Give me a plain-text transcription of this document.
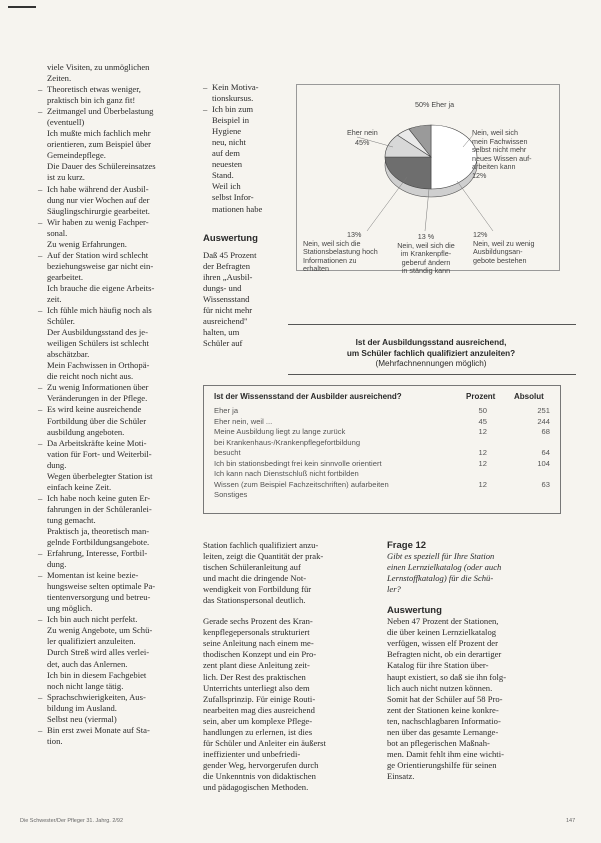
viele Visiten, zu unmöglichen

Zeiten.

– Theoretisch etwas weniger,

praktisch bin ich ganz fit!

– Zeitmangel und Überbelastung

(eventuell)

Ich mußte mich fachlich mehr

orientieren, zum Beispiel über

Gemeindepflege.

Die Dauer des Schülereinsatzes

ist zu kurz.

– Ich habe während der Ausbil-

dung nur vier Wochen auf der

Säuglingschirurgie gearbeitet.

– Wir haben zu wenig Fachper-

sonal.

Zu wenig Erfahrungen.

– Auf der Station wird schlecht

beziehungsweise gar nicht ein-

gearbeitet.

Ich brauche die eigene Arbeits-

zeit.

– Ich fühle mich häufig noch als

Schüler.

Der Ausbildungsstand des je-

weiligen Schülers ist schlecht

abschätzbar.

Mein Fachwissen in Orthopä-

die reicht noch nicht aus.

– Zu wenig Informationen über

Veränderungen in der Pflege.

– Es wird keine ausreichende

Fortbildung über die Schüler

ausbildung angeboten.

– Da Arbeitskräfte keine Moti-

vation für Fort- und Weiterbil-

dung.

Wegen überbelegter Station ist

einfach keine Zeit.

– Ich habe noch keine guten Er-

fahrungen in der Schüleranlei-

tung gemacht.

Praktisch ja, theoretisch man-

gelnde Fortbildungsangebote.

– Erfahrung, Interesse, Fortbil-

dung.

– Momentan ist keine bezie-

hungsweise selten optimale Pa-

tientenversorgung und betreu-

ung möglich.

– Ich bin auch nicht perfekt.

Zu wenig Angebote, um Schü-

ler qualifiziert anzuleiten.

Durch Streß wird alles verlei-

det, auch das Anlernen.

Ich bin in diesem Fachgebiet

noch nicht lange tätig.

– Sprachschwierigkeiten, Aus-

bildung im Ausland.

Selbst neu (viermal)

– Bin erst zwei Monate auf Sta-

tion.

– Kein Motiva-

tionskursus.

– Ich bin zum

Beispiel in

Hygiene

neu, nicht

auf dem

neuesten

Stand.

Weil ich

selbst Infor-

mationen habe

Auswertung
Daß 45 Prozent
der Befragten
ihren „Ausbil-
dungs- und
Wissensstand
für nicht mehr
ausreichend"
halten, um
Schüler auf
50% Eher ja
Eher nein
45%
Nein, weil sich
mein Fachwissen
selbst nicht mehr
neues Wissen auf-
arbeiten kann
12%
13%
Nein, weil sich die
Stationsbelastung hoch
Informationen zu
erhalten
13 %
Nein, weil sich die
im Krankenpfle-
geberuf ändern
in ständig kann
12%
Nein, weil zu wenig
Ausbildungsan-
gebote bestehen
Ist der Ausbildungsstand ausreichend,
um Schüler fachlich qualifiziert anzuleiten?
(Mehrfachnennungen möglich)
Ist der Wissensstand der Ausbilder ausreichend?	Prozent Absolut
Eher ja	50	251
Eher nein, weil ...	45	244
Meine Ausbildung liegt zu lange zurück	12	68
bei Krankenhaus-/Krankenpflegefortbildung
besucht	12	64
Ich bin stationsbedingt frei kein sinnvolle orientiert	12	104
Ich kann nach Dienstschluß nicht fortbilden
Wissen (zum Beispiel Fachzeitschriften) aufarbeiten	12	63
Sonstiges
Station fachlich qualifiziert anzu-
leiten, zeigt die Quantität der prak-
tischen Schüleranleitung auf
und macht die dringende Not-
wendigkeit von Fortbildung für
das Stationspersonal deutlich.
Gerade sechs Prozent des Kran-
kenpflegepersonals strukturiert
seine Anleitung nach einem me-
thodischen Konzept und ein Pro-
zent plant diese Anleitung zeit-
lich. Der Rest des praktischen
Unterrichts unterliegt also dem
Zufallsprinzip. Für einige Routi-
nearbeiten mag dies ausreichend
sein, aber um komplexe Pflege-
handlungen zu erlernen, ist dies
für Schüler und Anleiter ein äußerst
ineffizienter und unbefriedi-
gender Weg, hervorgerufen durch
die Unkenntnis von didaktischen
und pädagogischen Methoden.
Frage 12
Gibt es speziell für Ihre Station
einen Lernzielkatalog (oder auch
Lernstoffkatalog) für die Schü-
ler?
Auswertung
Neben 47 Prozent der Stationen,
die über keinen Lernzielkatalog
verfügen, wissen elf Prozent der
Befragten nicht, ob ein derartiger
Katalog für ihre Station über-
haupt existiert, so daß sie ihn folg-
lich auch nicht nutzen können.
Somit hat der Schüler auf 58 Pro-
zent der Stationen keine konkre-
ten, nachschlagbaren Informatio-
nen über das gesamte Lernange-
bot an pflegerischen Maßnah-
men. Damit fehlt ihm eine wichti-
ge Orientierungshilfe für seinen
Einsatz.
Die Schwester/Der Pfleger 31. Jahrg. 2/92	147
